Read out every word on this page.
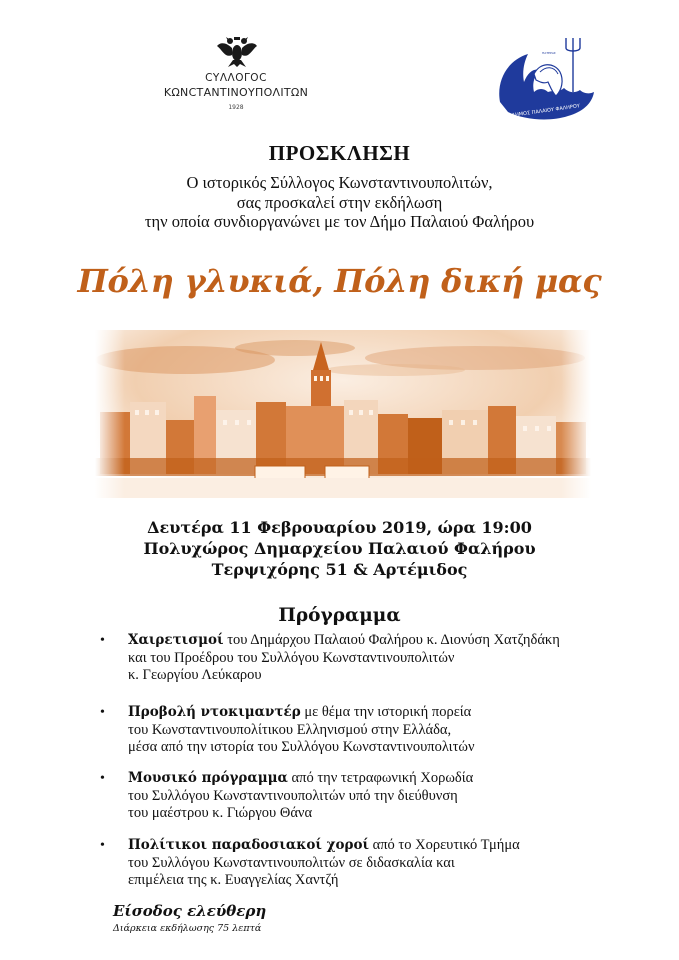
CΥΛΛΟΓΟC
ΚΩΝCΤΑΝΤΙΝΟΥΠΟΛΙΤΩΝ
1928	ΔΗΜΟΣ ΠΑΛΑΙΟΥ ΦΑΛΗΡΟΥ
ΠΑΤΕΡΑΣ
ΠΡΟΣΚΛΗΣΗ
Ο ιστορικός Σύλλογος Κωνσταντινουπολιτών,
σας προσκαλεί στην εκδήλωση
την οποία συνδιοργανώνει με τον Δήμο Παλαιού Φαλήρου
Πόλη γλυκιά, Πόλη δική μας
Δευτέρα 11 Φεβρουαρίου 2019, ώρα 19:00
Πολυχώρος Δημαρχείου Παλαιού Φαλήρου
Τερψιχόρης 51 & Αρτέμιδος
Πρόγραμμα
• Χαιρετισμοί του Δημάρχου Παλαιού Φαλήρου κ. Διονύση Χατζηδάκη
και του Προέδρου του Συλλόγου Κωνσταντινουπολιτών
κ. Γεωργίου Λεύκαρου
• Προβολή ντοκιμαντέρ με θέμα την ιστορική πορεία
του Κωνσταντινουπολίτικου Ελληνισμού στην Ελλάδα,
μέσα από την ιστορία του Συλλόγου Κωνσταντινουπολιτών
• Μουσικό πρόγραμμα από την τετραφωνική Χορωδία
του Συλλόγου Κωνσταντινουπολιτών υπό την διεύθυνση
του μαέστρου κ. Γιώργου Θάνα
• Πολίτικοι παραδοσιακοί χοροί από το Χορευτικό Τμήμα
του Συλλόγου Κωνσταντινουπολιτών σε διδασκαλία και
επιμέλεια της κ. Ευαγγελίας Χαντζή
Είσοδος ελεύθερη
Διάρκεια εκδήλωσης 75 λεπτά
